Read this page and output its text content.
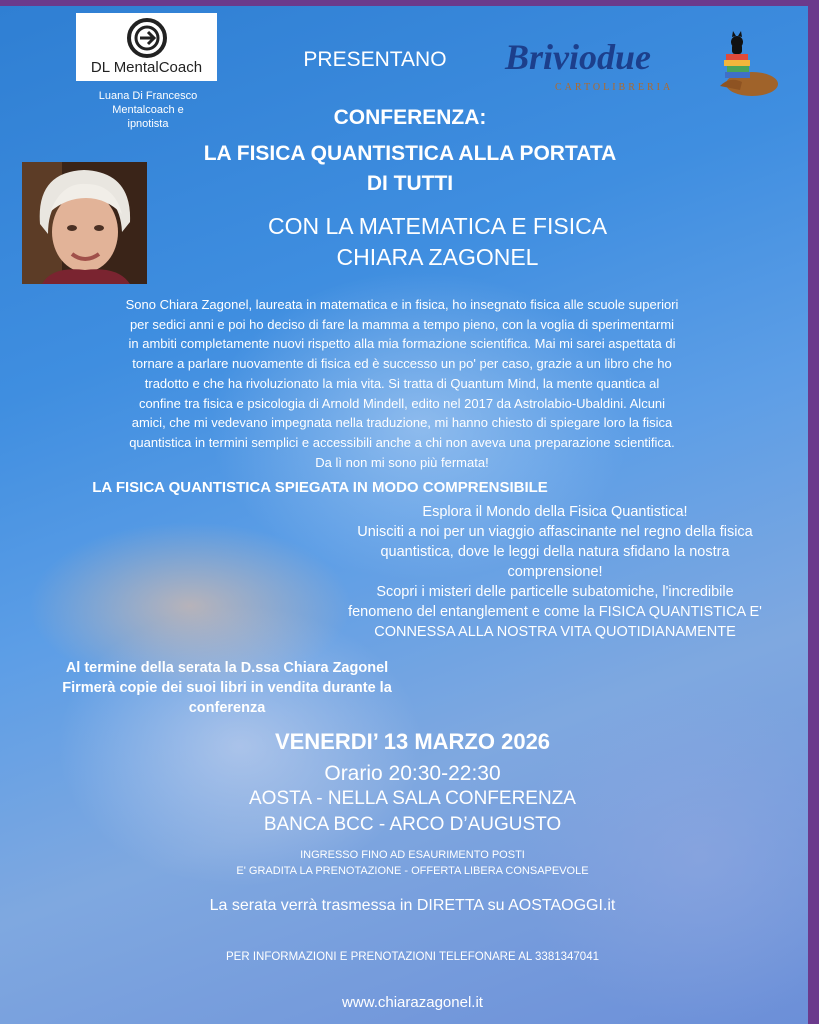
DL MentalCoach
Luana Di Francesco
Mentalcoach e
ipnotista
PRESENTANO	Briviodue
CARTOLIBRERIA
CONFERENZA:
LA FISICA QUANTISTICA ALLA PORTATA
DI TUTTI
CON LA MATEMATICA E FISICA
CHIARA ZAGONEL
Sono Chiara Zagonel, laureata in matematica e in fisica, ho insegnato fisica alle scuole superiori
per sedici anni e poi ho deciso di fare la mamma a tempo pieno, con la voglia di sperimentarmi
in ambiti completamente nuovi rispetto alla mia formazione scientifica. Mai mi sarei aspettata di
tornare a parlare nuovamente di fisica ed è successo un po' per caso, grazie a un libro che ho
tradotto e che ha rivoluzionato la mia vita. Si tratta di Quantum Mind, la mente quantica al
confine tra fisica e psicologia di Arnold Mindell, edito nel 2017 da Astrolabio-Ubaldini. Alcuni
amici, che mi vedevano impegnata nella traduzione, mi hanno chiesto di spiegare loro la fisica
quantistica in termini semplici e accessibili anche a chi non aveva una preparazione scientifica.
Da lì non mi sono più fermata!
LA FISICA QUANTISTICA SPIEGATA IN MODO COMPRENSIBILE
Esplora il Mondo della Fisica Quantistica!
Unisciti a noi per un viaggio affascinante nel regno della fisica
quantistica, dove le leggi della natura sfidano la nostra
comprensione!
Scopri i misteri delle particelle subatomiche, l'incredibile
fenomeno del entanglement e come la FISICA QUANTISTICA E'
CONNESSA ALLA NOSTRA VITA QUOTIDIANAMENTE
Al termine della serata la D.ssa Chiara Zagonel
Firmerà copie dei suoi libri in vendita durante la
conferenza
VENERDI’ 13 MARZO 2026
Orario 20:30-22:30
AOSTA - NELLA SALA CONFERENZA
BANCA BCC - ARCO D’AUGUSTO
INGRESSO FINO AD ESAURIMENTO POSTI
E' GRADITA LA PRENOTAZIONE - OFFERTA LIBERA CONSAPEVOLE
La serata verrà trasmessa in DIRETTA su AOSTAOGGI.it
PER INFORMAZIONI E PRENOTAZIONI TELEFONARE AL 3381347041
www.chiarazagonel.it
